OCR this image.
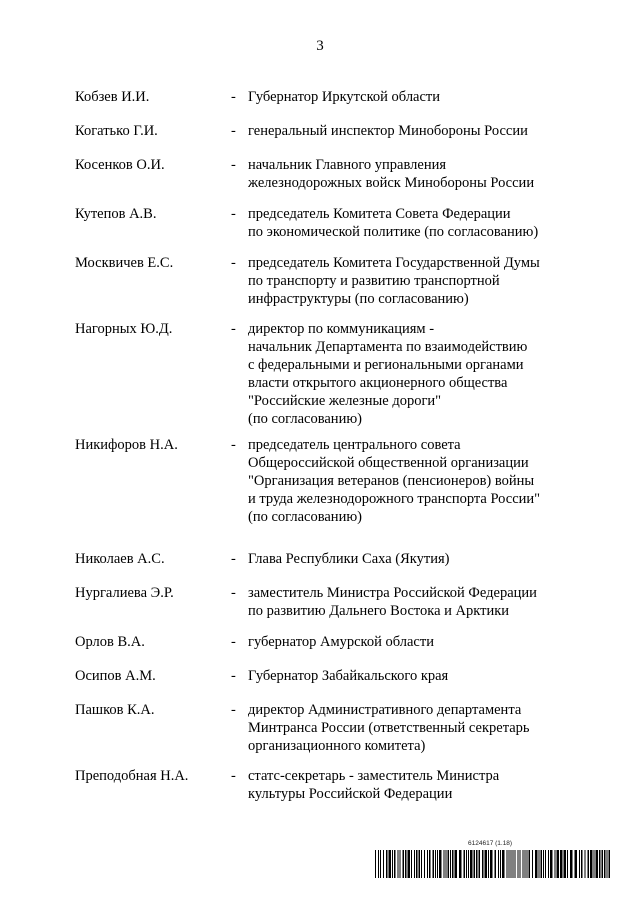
3
Кобзев И.И.	- Губернатор Иркутской области
Когатько Г.И.	- генеральный инспектор Минобороны России
Косенков О.И.	- начальник Главного управления
железнодорожных войск Минобороны России
Кутепов А.В.	- председатель Комитета Совета Федерации
по экономической политике (по согласованию)
Москвичев Е.С.	- председатель Комитета Государственной Думы
по транспорту и развитию транспортной
инфраструктуры (по согласованию)
Нагорных Ю.Д.	- директор по коммуникациям -
начальник Департамента по взаимодействию
с федеральными и региональными органами
власти открытого акционерного общества
"Российские железные дороги"
(по согласованию)
Никифоров Н.А.	- председатель центрального совета
Общероссийской общественной организации
"Организация ветеранов (пенсионеров) войны
и труда железнодорожного транспорта России"
(по согласованию)
Николаев А.С.	- Глава Республики Саха (Якутия)
Нургалиева Э.Р.	- заместитель Министра Российской Федерации
по развитию Дальнего Востока и Арктики
Орлов В.А.	- губернатор Амурской области
Осипов А.М.	- Губернатор Забайкальского края
Пашков К.А.	- директор Административного департамента
Минтранса России (ответственный секретарь
организационного комитета)
Преподобная Н.А.	- статс-секретарь - заместитель Министра
культуры Российской Федерации
6124617 (1.18)
